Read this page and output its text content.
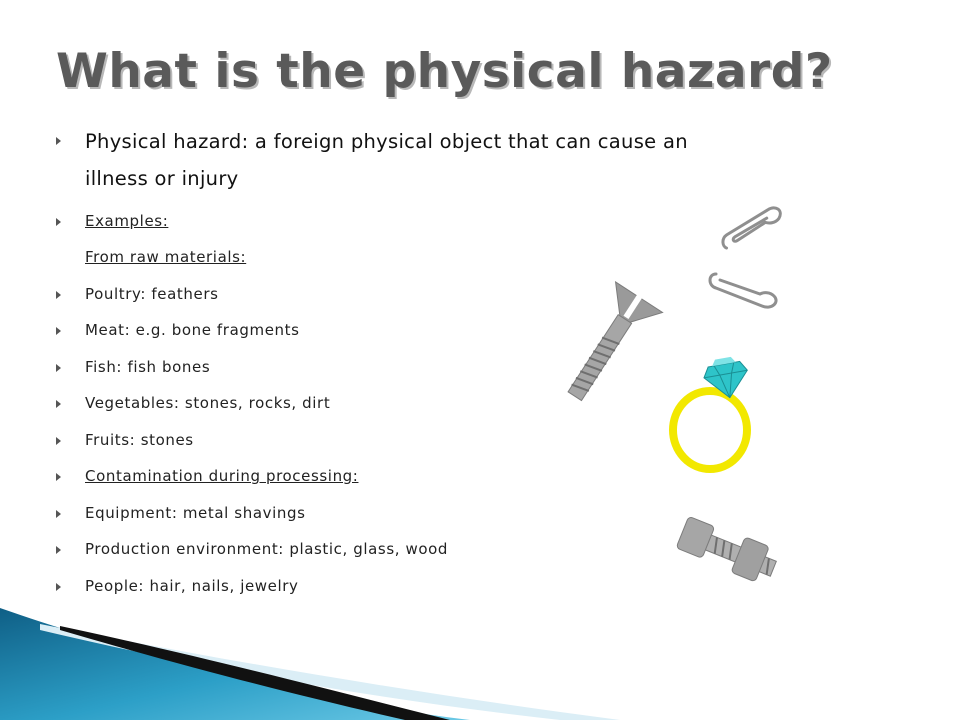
What is the physical hazard?
Physical hazard: a foreign physical object that can cause an
illness or injury
Examples:
From raw materials:
Poultry: feathers
Meat: e.g. bone fragments
Fish: fish bones
Vegetables: stones, rocks, dirt
Fruits: stones
Contamination during processing:
Equipment: metal shavings
Production environment: plastic, glass, wood
People: hair, nails, jewelry
